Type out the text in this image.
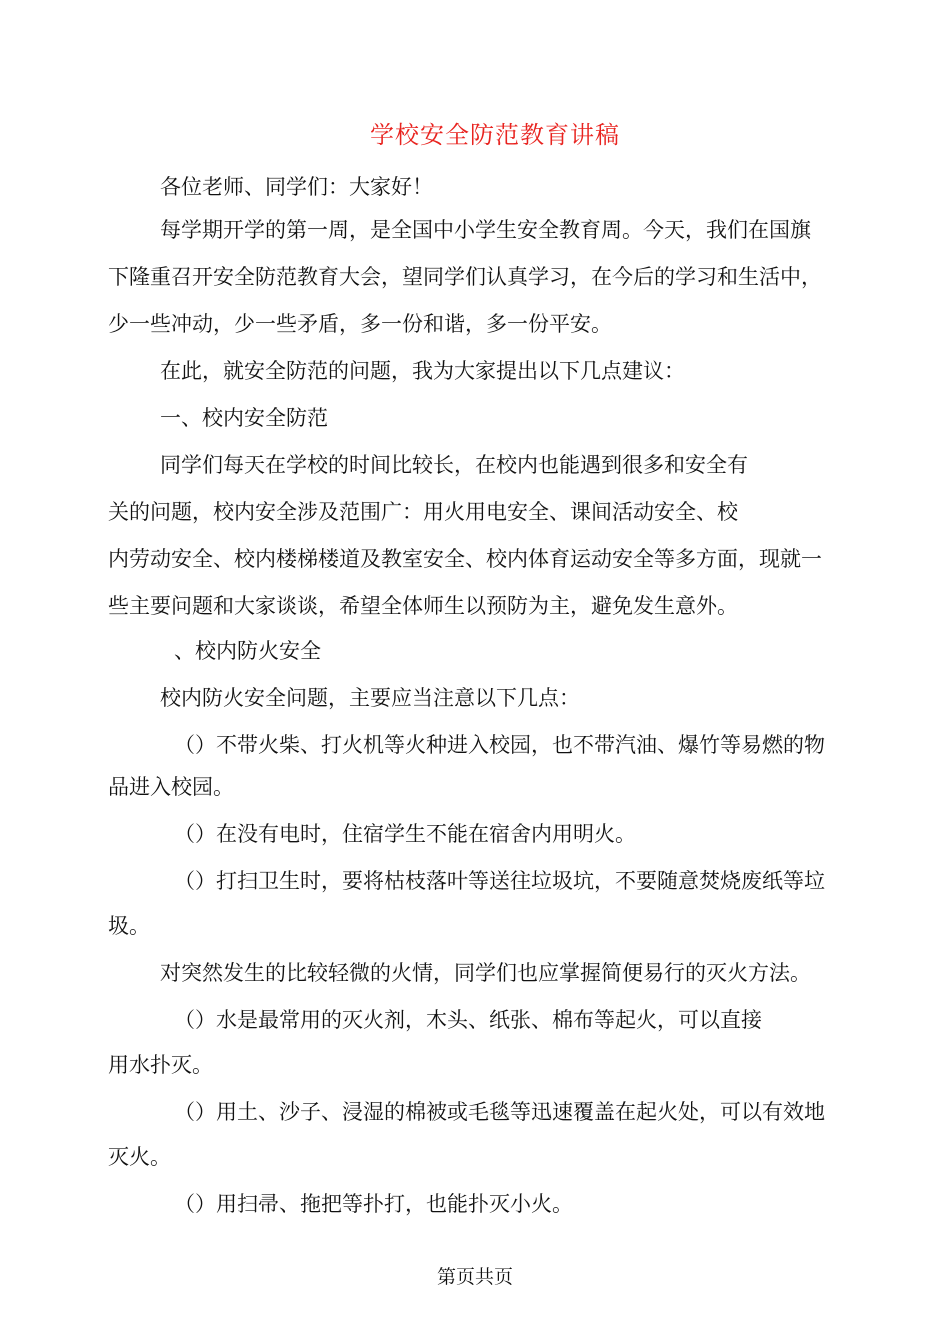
学校安全防范教育讲稿
各位老师、同学们：大家好！
每学期开学的第一周，是全国中小学生安全教育周。今天，我们在国旗
下隆重召开安全防范教育大会，望同学们认真学习，在今后的学习和生活中，
少一些冲动，少一些矛盾，多一份和谐，多一份平安。
在此，就安全防范的问题，我为大家提出以下几点建议：
一、校内安全防范
同学们每天在学校的时间比较长，在校内也能遇到很多和安全有
关的问题，校内安全涉及范围广：用火用电安全、课间活动安全、校
内劳动安全、校内楼梯楼道及教室安全、校内体育运动安全等多方面，现就一
些主要问题和大家谈谈，希望全体师生以预防为主，避免发生意外。
、校内防火安全
校内防火安全问题，主要应当注意以下几点：
（）不带火柴、打火机等火种进入校园，也不带汽油、爆竹等易燃的物
品进入校园。
（）在没有电时，住宿学生不能在宿舍内用明火。
（）打扫卫生时，要将枯枝落叶等送往垃圾坑，不要随意焚烧废纸等垃
圾。
对突然发生的比较轻微的火情，同学们也应掌握简便易行的灭火方法。
（）水是最常用的灭火剂，木头、纸张、棉布等起火，可以直接
用水扑灭。
（）用土、沙子、浸湿的棉被或毛毯等迅速覆盖在起火处，可以有效地
灭火。
（）用扫帚、拖把等扑打，也能扑灭小火。
第页共页
